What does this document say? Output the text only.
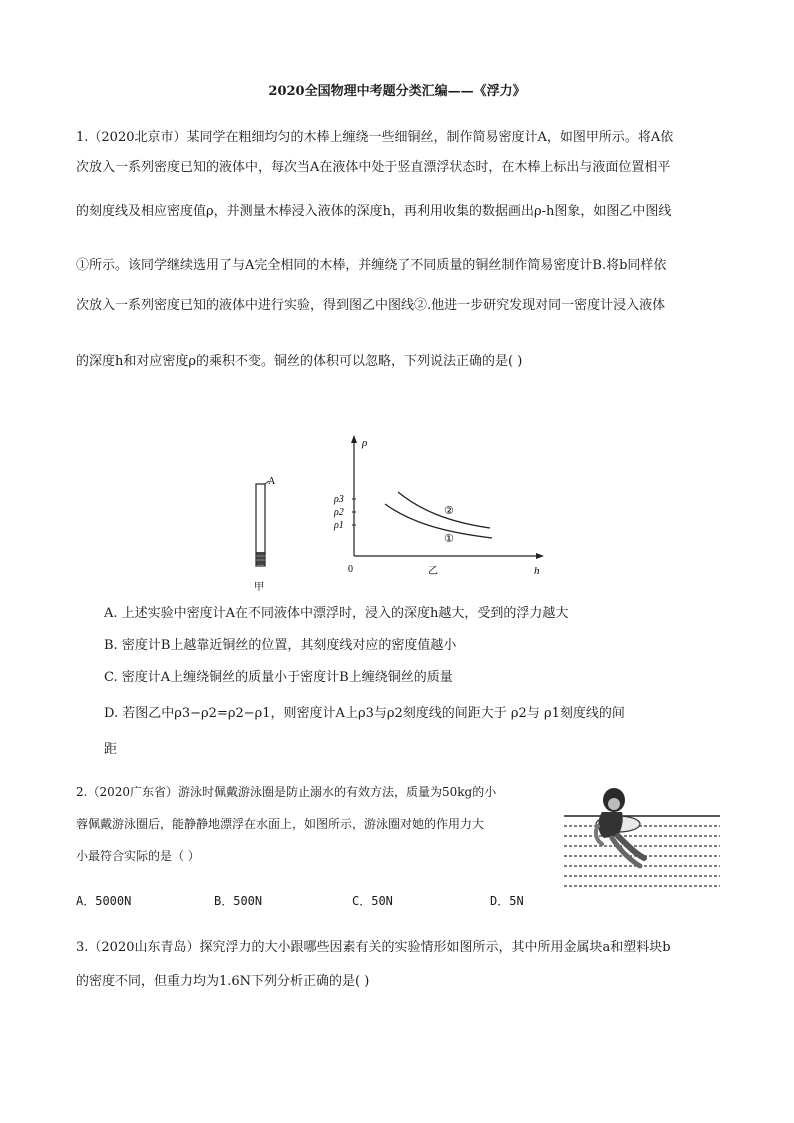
2020全国物理中考题分类汇编——《浮力》
1.（2020北京市）某同学在粗细均匀的木棒上缠绕一些细铜丝，制作简易密度计A，如图甲所示。将A依
次放入一系列密度已知的液体中，每次当A在液体中处于竖直漂浮状态时，在木棒上标出与液面位置相平
的刻度线及相应密度值ρ，并测量木棒浸入液体的深度h，再利用收集的数据画出ρ-h图象，如图乙中图线
①所示。该同学继续选用了与A完全相同的木棒，并缠绕了不同质量的铜丝制作简易密度计B.将b同样依
次放入一系列密度已知的液体中进行实验，得到图乙中图线②.他进一步研究发现对同一密度计浸入液体
的深度h和对应密度ρ的乘积不变。铜丝的体积可以忽略，下列说法正确的是( )
A
甲
ρ
h
0
ρ3
ρ2
ρ1
②
①
乙
A. 上述实验中密度计A在不同液体中漂浮时，浸入的深度h越大，受到的浮力越大
B. 密度计B上越靠近铜丝的位置，其刻度线对应的密度值越小
C. 密度计A上缠绕铜丝的质量小于密度计B上缠绕铜丝的质量
D. 若图乙中ρ3−ρ2=ρ2−ρ1，则密度计A上ρ3与ρ2刻度线的间距大于 ρ2与 ρ1刻度线的间
距
2.（2020广东省）游泳时佩戴游泳圈是防止溺水的有效方法，质量为50kg的小
蓉佩戴游泳圈后，能静静地漂浮在水面上，如图所示，游泳圈对她的作用力大
小最符合实际的是（ ）
A．5000N	B．500N	C．50N	D．5N
3.（2020山东青岛）探究浮力的大小跟哪些因素有关的实验情形如图所示，其中所用金属块a和塑料块b
的密度不同，但重力均为1.6N下列分析正确的是( )
